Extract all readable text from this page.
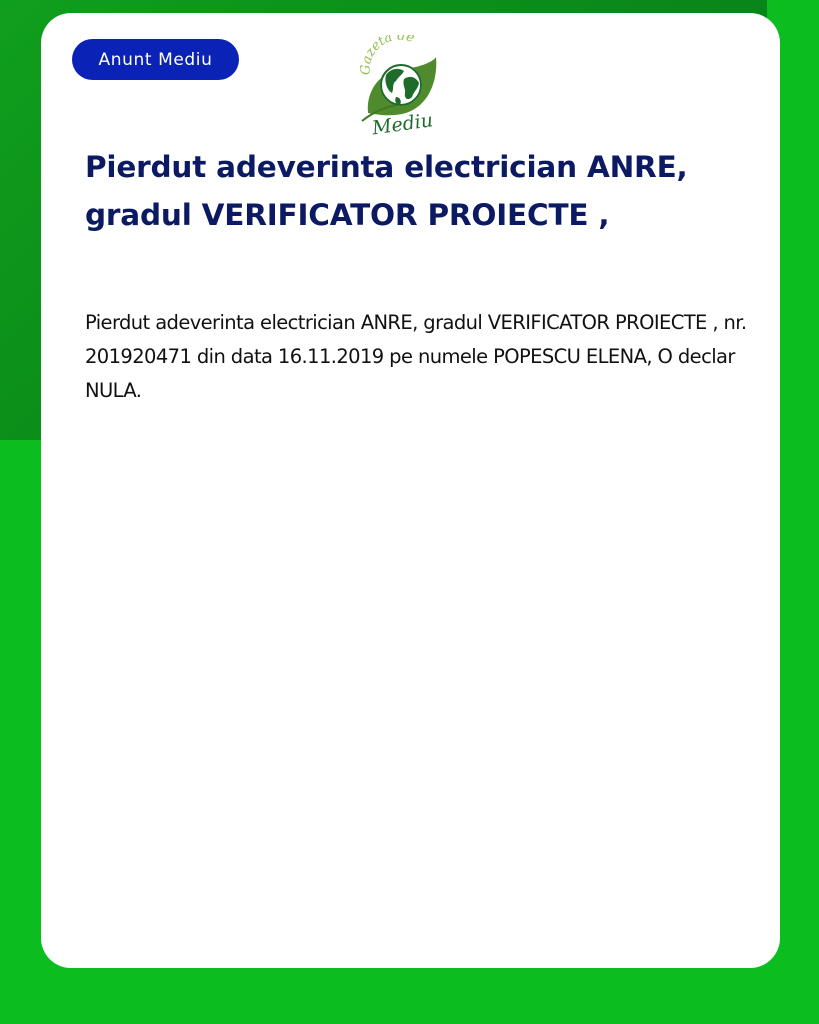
Anunt Mediu
Gazeta de
Mediu
Pierdut adeverinta electrician ANRE, gradul VERIFICATOR PROIECTE ,

Pierdut adeverinta electrician ANRE, gradul VERIFICATOR PROIECTE , nr. 201920471 din data 16.11.2019 pe numele POPESCU ELENA, O declar NULA.
